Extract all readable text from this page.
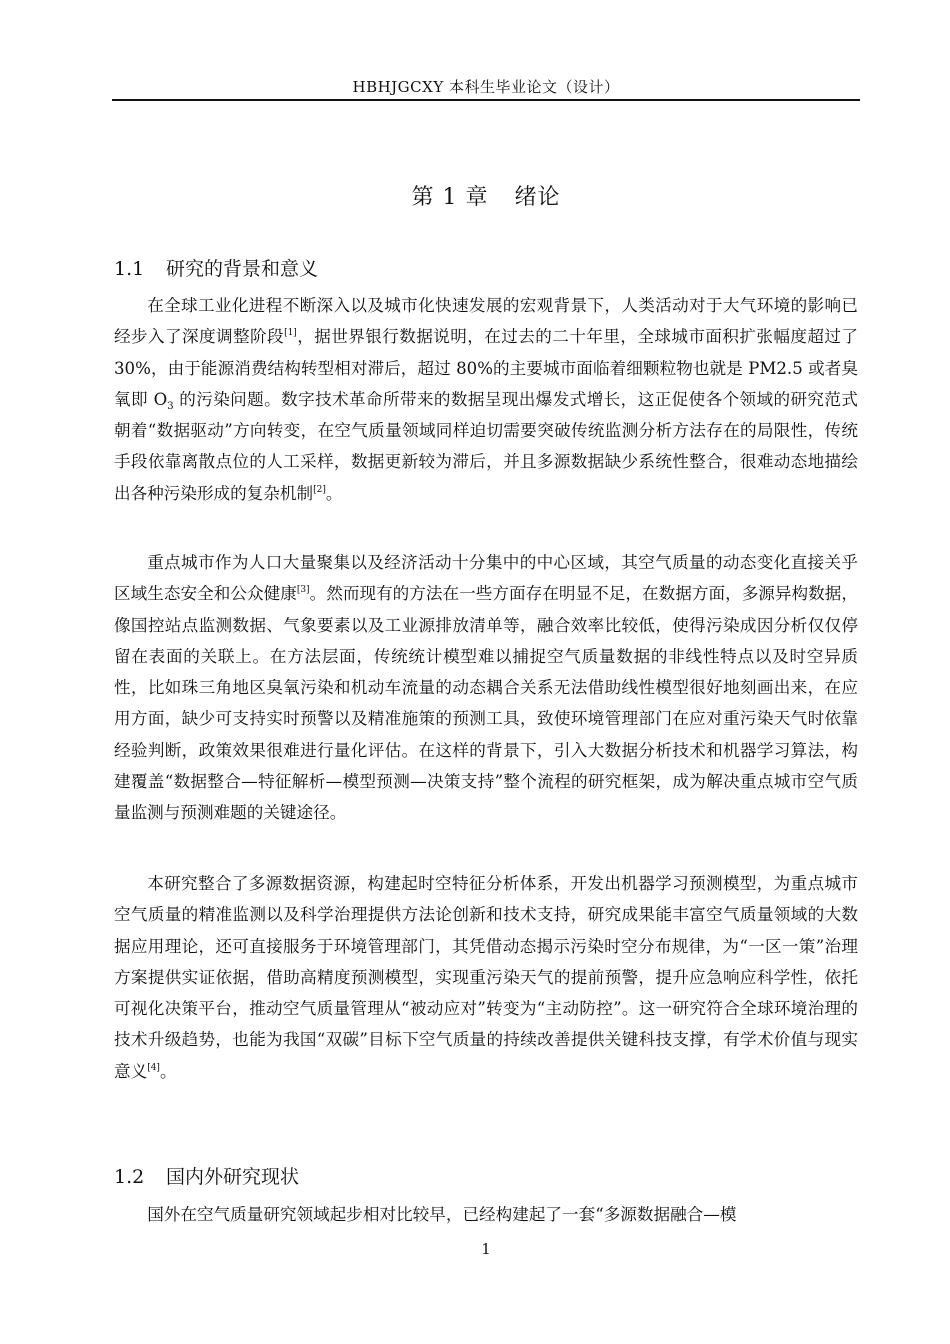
HBHJGCXY 本科生毕业论文（设计）
第 1 章 绪论
1.1 研究的背景和意义

在全球工业化进程不断深入以及城市化快速发展的宏观背景下，人类活动对于大气环境的影响已经步入了深度调整阶段[1]，据世界银行数据说明，在过去的二十年里，全球城市面积扩张幅度超过了 30%，由于能源消费结构转型相对滞后，超过 80%的主要城市面临着细颗粒物也就是 PM2.5 或者臭氧即 $O_3$ 的污染问题。数字技术革命所带来的数据呈现出爆发式增长，这正促使各个领域的研究范式朝着“数据驱动”方向转变，在空气质量领域同样迫切需要突破传统监测分析方法存在的局限性，传统手段依靠离散点位的人工采样，数据更新较为滞后，并且多源数据缺少系统性整合，很难动态地描绘出各种污染形成的复杂机制[2]。

重点城市作为人口大量聚集以及经济活动十分集中的中心区域，其空气质量的动态变化直接关乎区域生态安全和公众健康[3]。然而现有的方法在一些方面存在明显不足，在数据方面，多源异构数据，像国控站点监测数据、气象要素以及工业源排放清单等，融合效率比较低，使得污染成因分析仅仅停留在表面的关联上。在方法层面，传统统计模型难以捕捉空气质量数据的非线性特点以及时空异质性，比如珠三角地区臭氧污染和机动车流量的动态耦合关系无法借助线性模型很好地刻画出来，在应用方面，缺少可支持实时预警以及精准施策的预测工具，致使环境管理部门在应对重污染天气时依靠经验判断，政策效果很难进行量化评估。在这样的背景下，引入大数据分析技术和机器学习算法，构建覆盖“数据整合—特征解析—模型预测—决策支持”整个流程的研究框架，成为解决重点城市空气质量监测与预测难题的关键途径。

本研究整合了多源数据资源，构建起时空特征分析体系，开发出机器学习预测模型，为重点城市空气质量的精准监测以及科学治理提供方法论创新和技术支持，研究成果能丰富空气质量领域的大数据应用理论，还可直接服务于环境管理部门，其凭借动态揭示污染时空分布规律，为“一区一策”治理方案提供实证依据，借助高精度预测模型，实现重污染天气的提前预警，提升应急响应科学性，依托可视化决策平台，推动空气质量管理从“被动应对”转变为“主动防控”。这一研究符合全球环境治理的技术升级趋势，也能为我国“双碳”目标下空气质量的持续改善提供关键科技支撑，有学术价值与现实意义[4]。

1.2 国内外研究现状

国外在空气质量研究领域起步相对比较早，已经构建起了一套“多源数据融合—模

1
